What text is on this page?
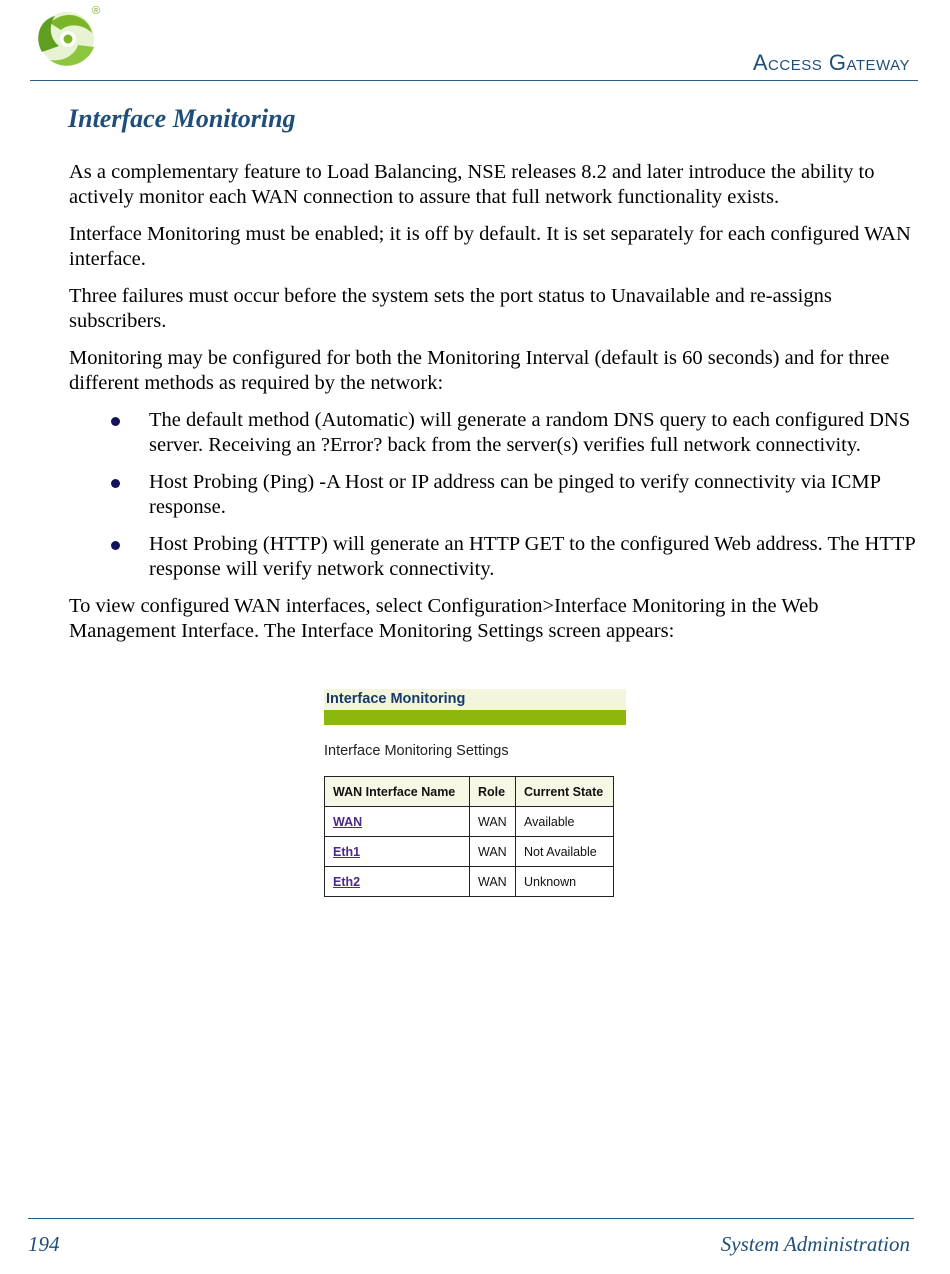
®
Access Gateway
Interface Monitoring

As a complementary feature to Load Balancing, NSE releases 8.2 and later introduce the ability to actively monitor each WAN connection to assure that full network functionality exists.

Interface Monitoring must be enabled; it is off by default. It is set separately for each configured WAN interface.

Three failures must occur before the system sets the port status to Unavailable and re-assigns subscribers.

Monitoring may be configured for both the Monitoring Interval (default is 60 seconds) and for three different methods as required by the network:

The default method (Automatic) will generate a random DNS query to each configured DNS server. Receiving an ?Error? back from the server(s) verifies full network connectivity.
Host Probing (Ping) -A Host or IP address can be pinged to verify connectivity via ICMP response.
Host Probing (HTTP) will generate an HTTP GET to the configured Web address. The HTTP response will verify network connectivity.

To view configured WAN interfaces, select Configuration>Interface Monitoring in the Web Management Interface. The Interface Monitoring Settings screen appears:

Interface Monitoring
Interface Monitoring Settings
WAN Interface Name	Role	Current State
WAN	WAN	Available
Eth1	WAN	Not Available
Eth2	WAN	Unknown
194	System Administration
